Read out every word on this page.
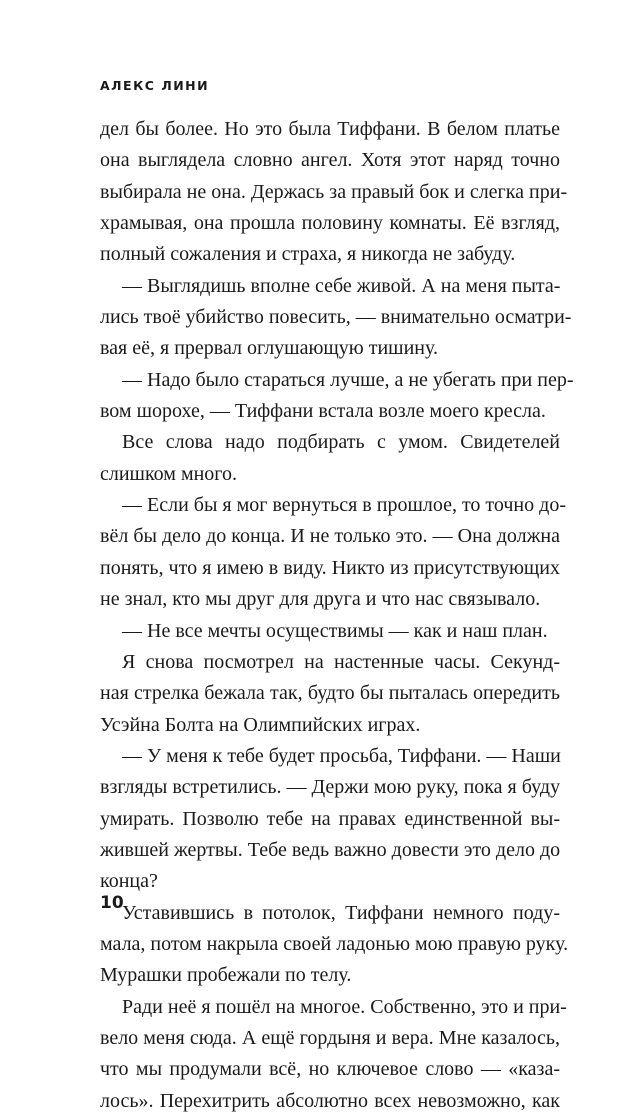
АЛЕКС ЛИНИ
дел бы более. Но это была Тиффани. В белом платье
она выглядела словно ангел. Хотя этот наряд точно
выбирала не она. Держась за правый бок и слегка при-
храмывая, она прошла половину комнаты. Её взгляд,
полный сожаления и страха, я никогда не забуду.
— Выглядишь вполне себе живой. А на меня пыта-
лись твоё убийство повесить, — внимательно осматри-
вая её, я прервал оглушающую тишину.
— Надо было стараться лучше, а не убегать при пер-
вом шорохе, — Тиффани встала возле моего кресла.
Все слова надо подбирать с умом. Свидетелей
слишком много.
— Если бы я мог вернуться в прошлое, то точно до-
вёл бы дело до конца. И не только это. — Она должна
понять, что я имею в виду. Никто из присутствующих
не знал, кто мы друг для друга и что нас связывало.
— Не все мечты осуществимы — как и наш план.
Я снова посмотрел на настенные часы. Секунд-
ная стрелка бежала так, будто бы пыталась опередить
Усэйна Болта на Олимпийских играх.
— У меня к тебе будет просьба, Тиффани. — Наши
взгляды встретились. — Держи мою руку, пока я буду
умирать. Позволю тебе на правах единственной вы-
жившей жертвы. Тебе ведь важно довести это дело до
конца?
Уставившись в потолок, Тиффани немного поду-
мала, потом накрыла своей ладонью мою правую руку.
Мурашки пробежали по телу.
Ради неё я пошёл на многое. Собственно, это и при-
вело меня сюда. А ещё гордыня и вера. Мне казалось,
что мы продумали всё, но ключевое слово — «каза-
лось». Перехитрить абсолютно всех невозможно, как
10
